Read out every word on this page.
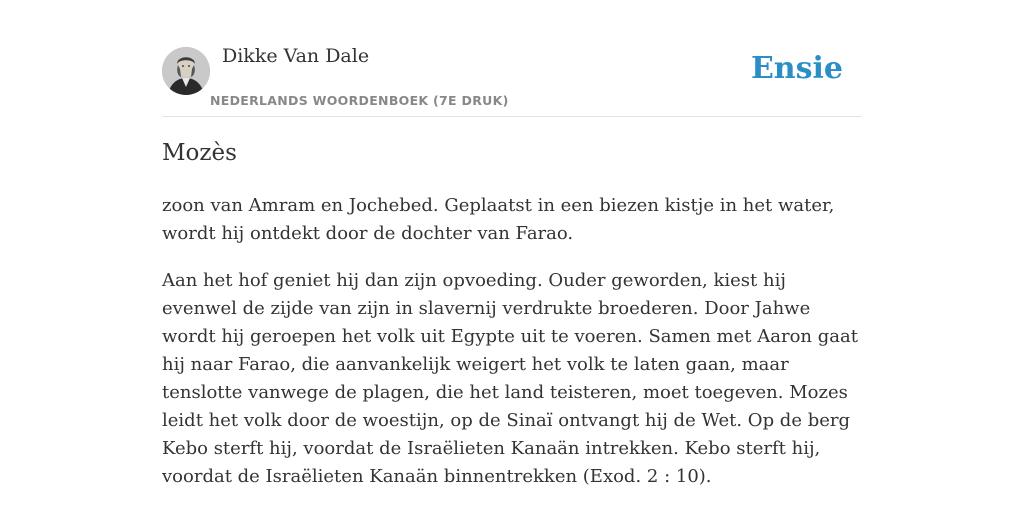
Dikke Van Dale
NEDERLANDS WOORDENBOEK (7E DRUK)
Ensie
Mozès

zoon van Amram en Jochebed. Geplaatst in een biezen kistje in het water, wordt hij ontdekt door de dochter van Farao.

Aan het hof geniet hij dan zijn opvoeding. Ouder geworden, kiest hij evenwel de zijde van zijn in slavernij verdrukte broederen. Door Jahwe wordt hij geroepen het volk uit Egypte uit te voeren. Samen met Aaron gaat hij naar Farao, die aanvankelijk weigert het volk te laten gaan, maar tenslotte vanwege de plagen, die het land teisteren, moet toegeven. Mozes leidt het volk door de woestijn, op de Sinaï ontvangt hij de Wet. Op de berg Kebo sterft hij, voordat de Israëlieten Kanaän intrekken. Kebo sterft hij, voordat de Israëlieten Kanaän binnentrekken (Exod. 2 : 10).
